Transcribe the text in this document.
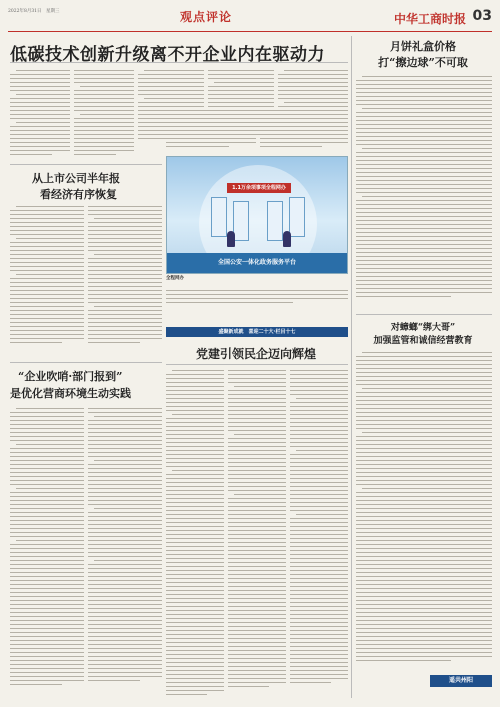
2022年8月31日　星期三	观点评论	中华工商时报 03
低碳技术创新升级离不开企业内在驱动力
从上市公司半年报
看经济有序恢复
“企业吹哨·部门报到”
是优化营商环境生动实践
1.1万余项事项全程网办
全国公安一体化政务服务平台
全程网办
盛聚新成就　喜迎二十大·栏目十七
党建引领民企迈向辉煌
月饼礼盒价格
打“擦边球”不可取
对蟑螂“绑大哥”
加强监管和诚信经营教育
遥共州阳
